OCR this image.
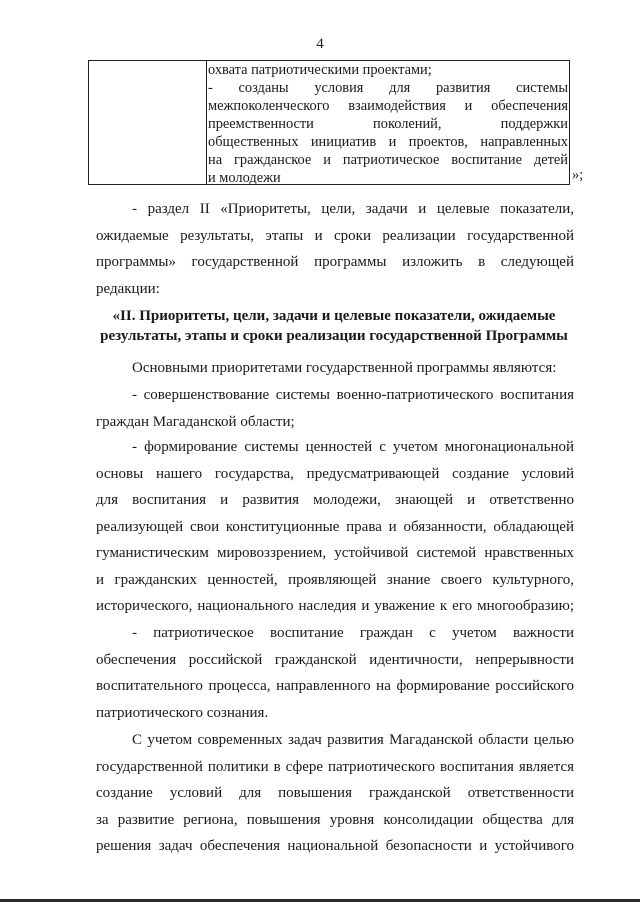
4
охвата патриотическими проектами;
- созданы условия для развития системы
межпоколенческого взаимодействия и обеспечения
преемственности поколений, поддержки
общественных инициатив и проектов, направленных
на гражданское и патриотическое воспитание детей
и молодежи	»;
- раздел II «Приоритеты, цели, задачи и целевые показатели,
ожидаемые результаты, этапы и сроки реализации государственной
программы» государственной программы изложить в следующей
редакции:
«II. Приоритеты, цели, задачи и целевые показатели, ожидаемые
результаты, этапы и сроки реализации государственной Программы
Основными приоритетами государственной программы являются:
- совершенствование системы военно-патриотического воспитания
граждан Магаданской области;
- формирование системы ценностей с учетом многонациональной
основы нашего государства, предусматривающей создание условий
для воспитания и развития молодежи, знающей и ответственно
реализующей свои конституционные права и обязанности, обладающей
гуманистическим мировоззрением, устойчивой системой нравственных
и гражданских ценностей, проявляющей знание своего культурного,
исторического, национального наследия и уважение к его многообразию;
- патриотическое воспитание граждан с учетом важности
обеспечения российской гражданской идентичности, непрерывности
воспитательного процесса, направленного на формирование российского
патриотического сознания.
С учетом современных задач развития Магаданской области целью
государственной политики в сфере патриотического воспитания является
создание условий для повышения гражданской ответственности
за развитие региона, повышения уровня консолидации общества для
решения задач обеспечения национальной безопасности и устойчивого
